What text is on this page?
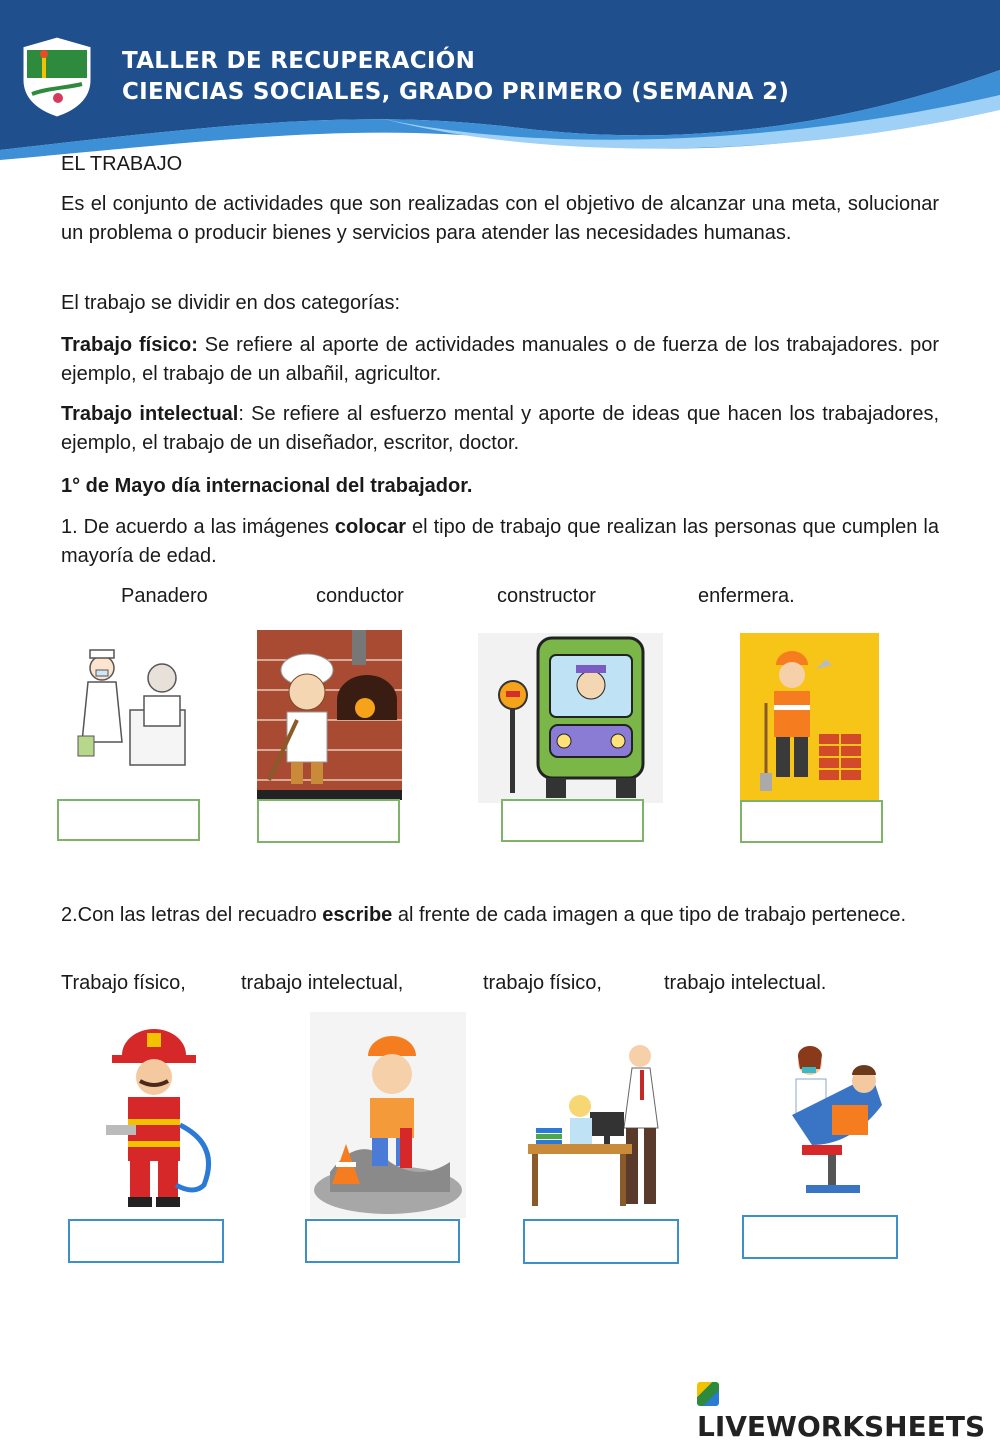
TALLER DE RECUPERACIÓN
CIENCIAS SOCIALES, GRADO PRIMERO (SEMANA 2)
EL TRABAJO
Es el conjunto de actividades que son realizadas con el objetivo de alcanzar una meta, solucionar un problema o producir bienes y servicios para atender las necesidades humanas.
El trabajo se dividir en dos categorías:
Trabajo físico: Se refiere al aporte de actividades manuales o de fuerza de los trabajadores. por ejemplo, el trabajo de un albañil, agricultor.
Trabajo intelectual: Se refiere al esfuerzo mental y aporte de ideas que hacen los trabajadores, ejemplo, el trabajo de un diseñador, escritor, doctor.
1° de Mayo día internacional del trabajador.
1. De acuerdo a las imágenes colocar el tipo de trabajo que realizan las personas que cumplen la mayoría de edad.
Panadero	conductor	constructor	enfermera.
2.Con las letras del recuadro escribe al frente de cada imagen a que tipo de trabajo pertenece.
Trabajo físico,	trabajo intelectual,	trabajo físico,	trabajo intelectual.
LIVEWORKSHEETS
